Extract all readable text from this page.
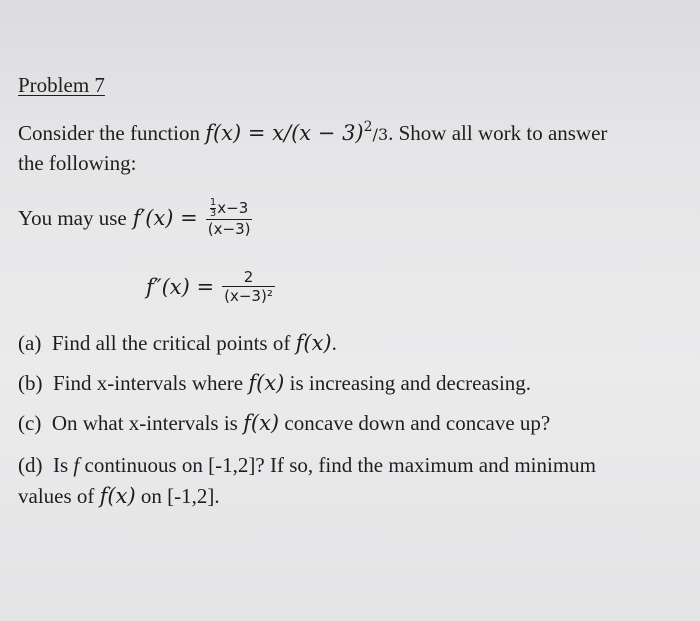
Problem 7
Consider the function $f(x) = x/(x - 3)^2/3$. Show all work to answer
the following:
You may use $f'(x) = \frac{\frac{1}{3} x-3}{(x-3)}$
$f''(x) = \frac{2}{\text{(x−3)²}}$
(a) Find all the critical points of f(x).
(b) Find x-intervals where f(x) is increasing and decreasing.
(c) On what x-intervals is f(x) concave down and concave up?
(d) Is f continuous on [-1,2]? If so, find the maximum and minimum
values of f(x) on [-1,2].
